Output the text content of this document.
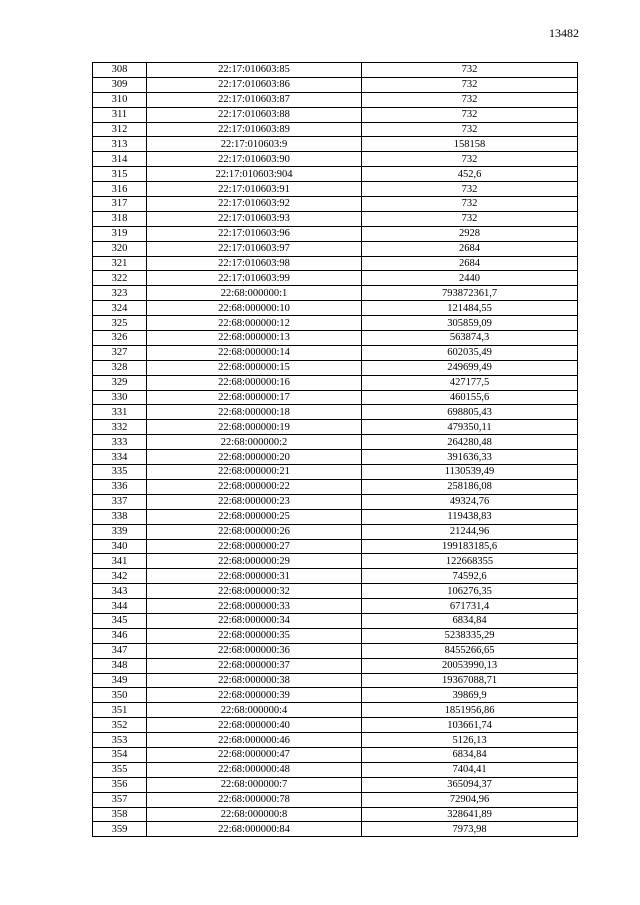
13482
308	22:17:010603:85	732
309	22:17:010603:86	732
310	22:17:010603:87	732
311	22:17:010603:88	732
312	22:17:010603:89	732
313	22:17:010603:9	158158
314	22:17:010603:90	732
315	22:17:010603:904	452,6
316	22:17:010603:91	732
317	22:17:010603:92	732
318	22:17:010603:93	732
319	22:17:010603:96	2928
320	22:17:010603:97	2684
321	22:17:010603:98	2684
322	22:17:010603:99	2440
323	22:68:000000:1	793872361,7
324	22:68:000000:10	121484,55
325	22:68:000000:12	305859,09
326	22:68:000000:13	563874,3
327	22:68:000000:14	602035,49
328	22:68:000000:15	249699,49
329	22:68:000000:16	427177,5
330	22:68:000000:17	460155,6
331	22:68:000000:18	698805,43
332	22:68:000000:19	479350,11
333	22:68:000000:2	264280,48
334	22:68:000000:20	391636,33
335	22:68:000000:21	1130539,49
336	22:68:000000:22	258186,08
337	22:68:000000:23	49324,76
338	22:68:000000:25	119438,83
339	22:68:000000:26	21244,96
340	22:68:000000:27	199183185,6
341	22:68:000000:29	122668355
342	22:68:000000:31	74592,6
343	22:68:000000:32	106276,35
344	22:68:000000:33	671731,4
345	22:68:000000:34	6834,84
346	22:68:000000:35	5238335,29
347	22:68:000000:36	8455266,65
348	22:68:000000:37	20053990,13
349	22:68:000000:38	19367088,71
350	22:68:000000:39	39869,9
351	22:68:000000:4	1851956,86
352	22:68:000000:40	103661,74
353	22:68:000000:46	5126,13
354	22:68:000000:47	6834,84
355	22:68:000000:48	7404,41
356	22:68:000000:7	365094,37
357	22:68:000000:78	72904,96
358	22:68:000000:8	328641,89
359	22:68:000000:84	7973,98
